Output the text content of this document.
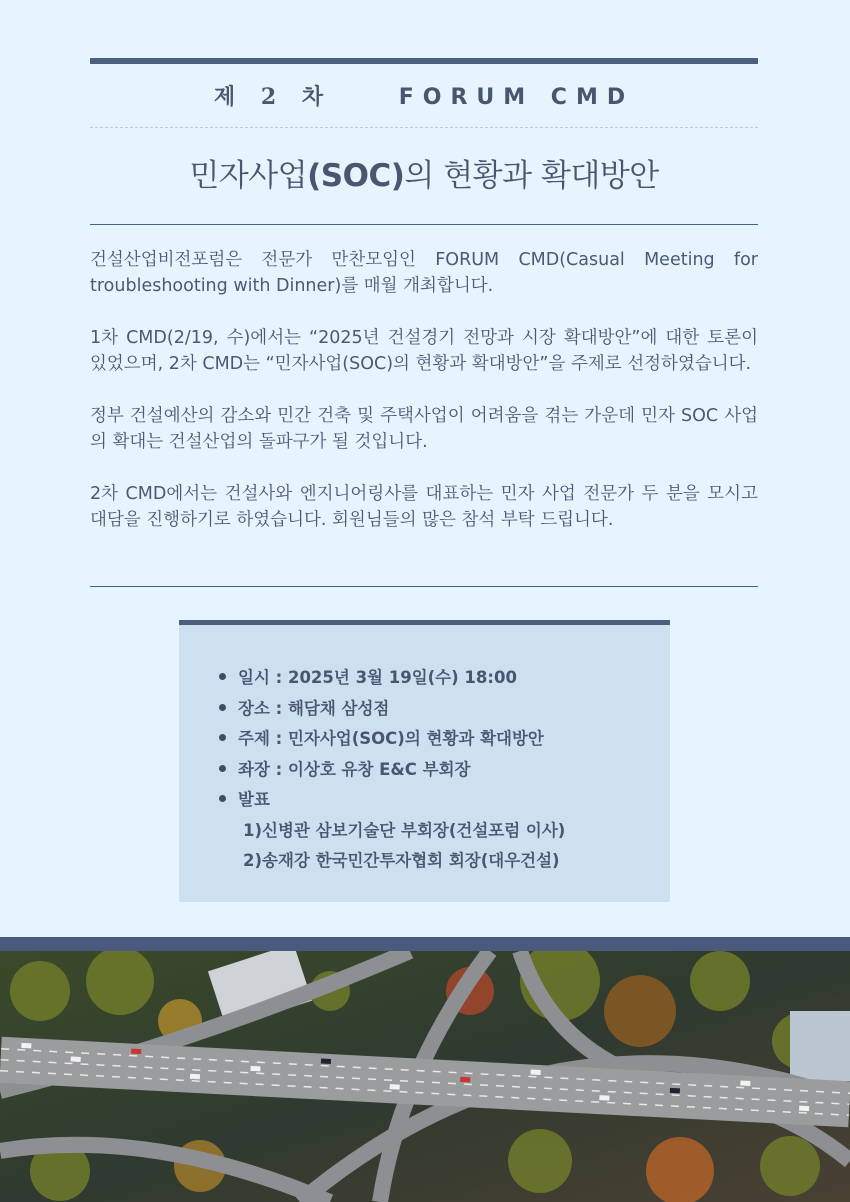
제 2 차	FORUM CMD
민자사업(SOC)의 현황과 확대방안

건설산업비전포럼은 전문가 만찬모임인 FORUM CMD(Casual Meeting for troubleshooting with Dinner)를 매월 개최합니다.

1차 CMD(2/19, 수)에서는 “2025년 건설경기 전망과 시장 확대방안”에 대한 토론이 있었으며, 2차 CMD는 “민자사업(SOC)의 현황과 확대방안”을 주제로 선정하였습니다.

정부 건설예산의 감소와 민간 건축 및 주택사업이 어려움을 겪는 가운데 민자 SOC 사업의 확대는 건설산업의 돌파구가 될 것입니다.

2차 CMD에서는 건설사와 엔지니어링사를 대표하는 민자 사업 전문가 두 분을 모시고 대담을 진행하기로 하였습니다. 회원님들의 많은 참석 부탁 드립니다.

일시 : 2025년 3월 19일(수) 18:00
장소 : 해담채 삼성점
주제 : 민자사업(SOC)의 현황과 확대방안
좌장 : 이상호 유창 E&C 부회장
발표
1)신병관 삼보기술단 부회장(건설포럼 이사)
2)송재강 한국민간투자협회 회장(대우건설)
